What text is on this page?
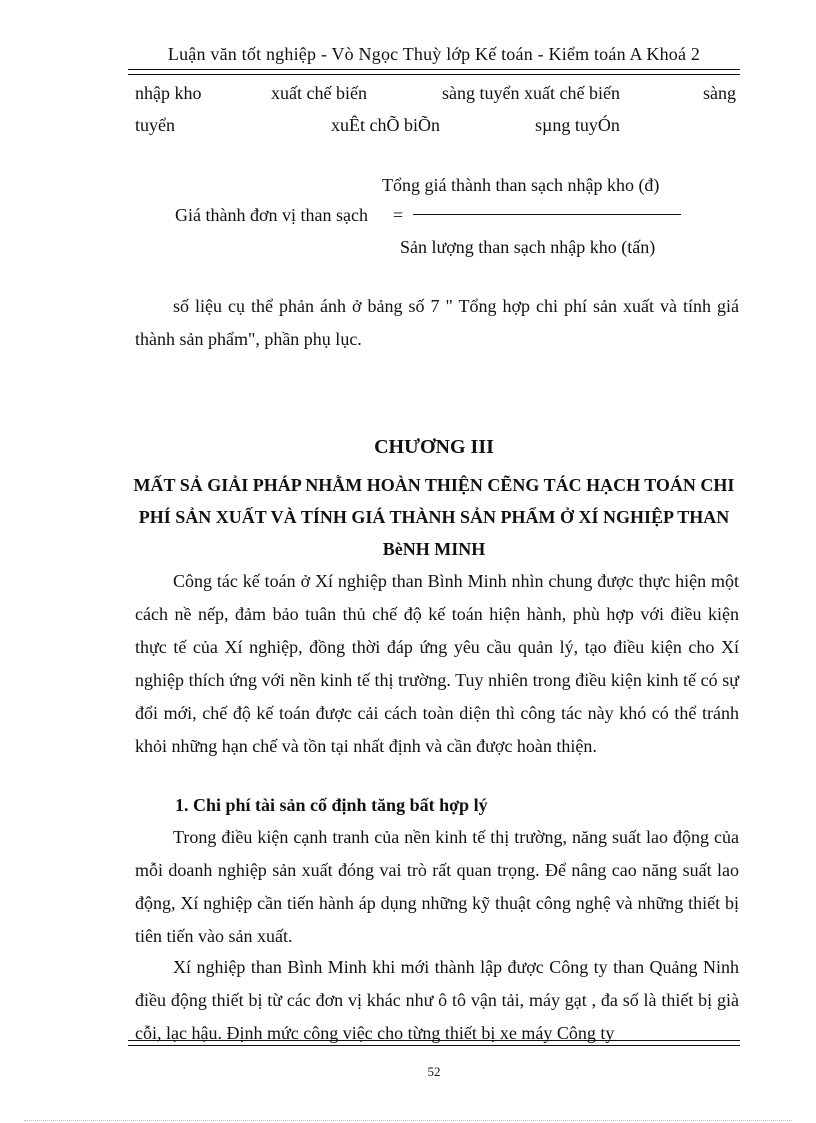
Luận văn tốt nghiệp - Vò Ngọc Thuỳ lớp Kế toán - Kiểm toán A Khoá 2
nhập kho	xuất chế biến	sàng tuyển xuất chế biến	sàng
tuyển	xuÊt chÕ biÕn	sµng tuyÓn
Tổng giá thành than sạch nhập kho (đ)
Giá thành đơn vị than sạch =
Sản lượng than sạch nhập kho (tấn)
số liệu cụ thể phản ánh ở bảng số 7 " Tổng hợp chi phí sản xuất và tính giá thành sản phẩm", phần phụ lục.
CHƯƠNG III
MẤT SẢ GIẢI PHÁP NHẰM HOÀN THIỆN CẼNG TÁC HẠCH TOÁN CHI PHÍ SẢN XUẤT VÀ TÍNH GIÁ THÀNH SẢN PHẨM Ở XÍ NGHIỆP THAN BèNH MINH
Công tác kế toán ở Xí nghiệp than Bình Minh nhìn chung được thực hiện một cách nề nếp, đảm bảo tuân thủ chế độ kế toán hiện hành, phù hợp với điều kiện thực tế của Xí nghiệp, đồng thời đáp ứng yêu cầu quản lý, tạo điều kiện cho Xí nghiệp thích ứng với nền kinh tế thị trường. Tuy nhiên trong điều kiện kinh tế có sự đổi mới, chế độ kế toán được cải cách toàn diện thì công tác này khó có thể tránh khỏi những hạn chế và tồn tại nhất định và cần được hoàn thiện.
1. Chi phí tài sản cố định tăng bất hợp lý
Trong điều kiện cạnh tranh của nền kinh tế thị trường, năng suất lao động của mỗi doanh nghiệp sản xuất đóng vai trò rất quan trọng. Để nâng cao năng suất lao động, Xí nghiệp cần tiến hành áp dụng những kỹ thuật công nghệ và những thiết bị tiên tiến vào sản xuất.
Xí nghiệp than Bình Minh khi mới thành lập được Công ty than Quảng Ninh điều động thiết bị từ các đơn vị khác như ô tô vận tải, máy gạt , đa số là thiết bị già cỗi, lạc hậu. Định mức công việc cho từng thiết bị xe máy Công ty
52
